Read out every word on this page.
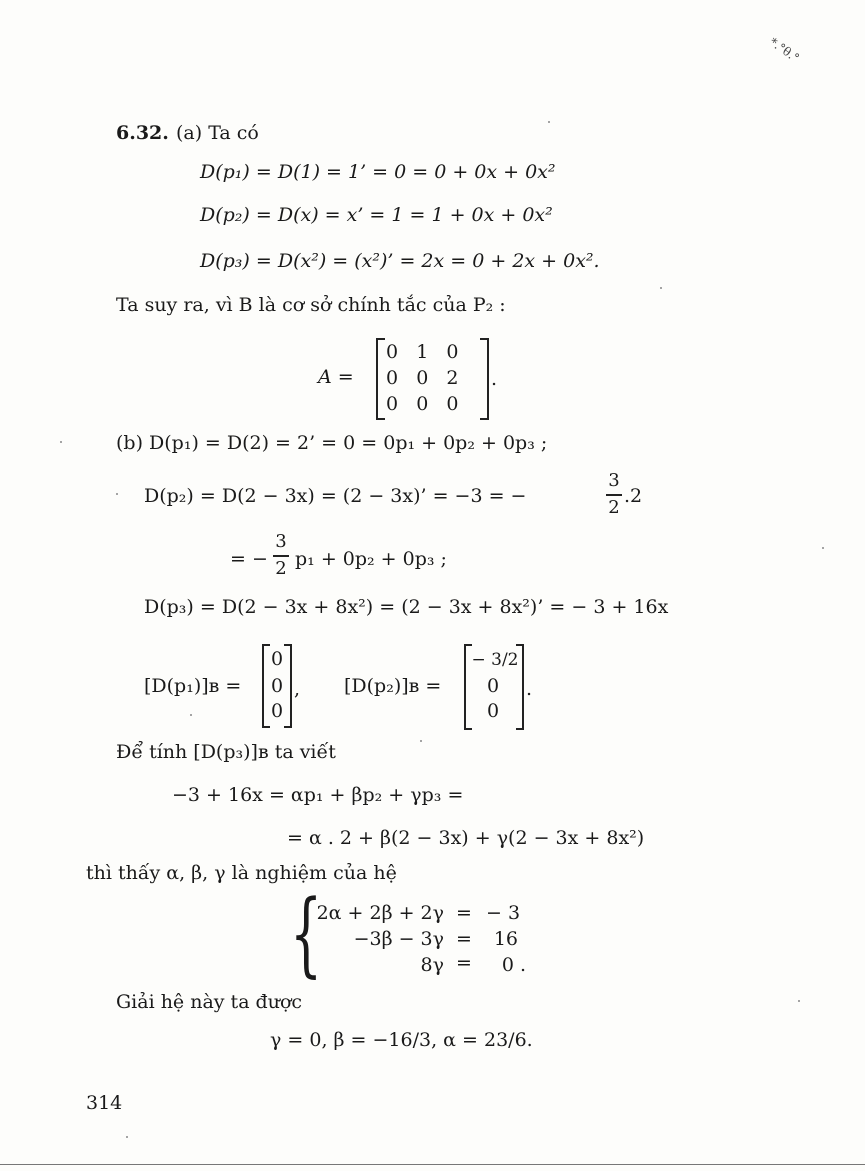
*.°θ.°
6.32. (a) Ta có
D(p₁) = D(1) = 1’ = 0 = 0 + 0x + 0x²
D(p₂) = D(x) = x’ = 1 = 1 + 0x + 0x²
D(p₃) = D(x²) = (x²)’ = 2x = 0 + 2x + 0x².
Ta suy ra, vì B là cơ sở chính tắc của P₂ :
A =
0   1   0
0   0   2
0   0   0
.
(b) D(p₁) = D(2) = 2’ = 0 = 0p₁ + 0p₂ + 0p₃ ;
D(p₂) = D(2 − 3x) = (2 − 3x)’ = −3 = −
3
2
.2
= −
3
2 p₁ + 0p₂ + 0p₃ ;
D(p₃) = D(2 − 3x + 8x²) = (2 − 3x + 8x²)’ = − 3 + 16x
[D(p₁)]ʙ =
0
0
0
, [D(p₂)]ʙ =
− 3/2
0
0
.
Để tính [D(p₃)]ʙ ta viết
−3 + 16x = αp₁ + βp₂ + γp₃ =
= α . 2 + β(2 − 3x) + γ(2 − 3x + 8x²)
thì thấy α, β, γ là nghiệm của hệ
{
2α + 2β + 2γ = − 3
−3β − 3γ =	16
8γ =	0 .
Giải hệ này ta được
γ = 0, β = −16/3, α = 23/6.
314
